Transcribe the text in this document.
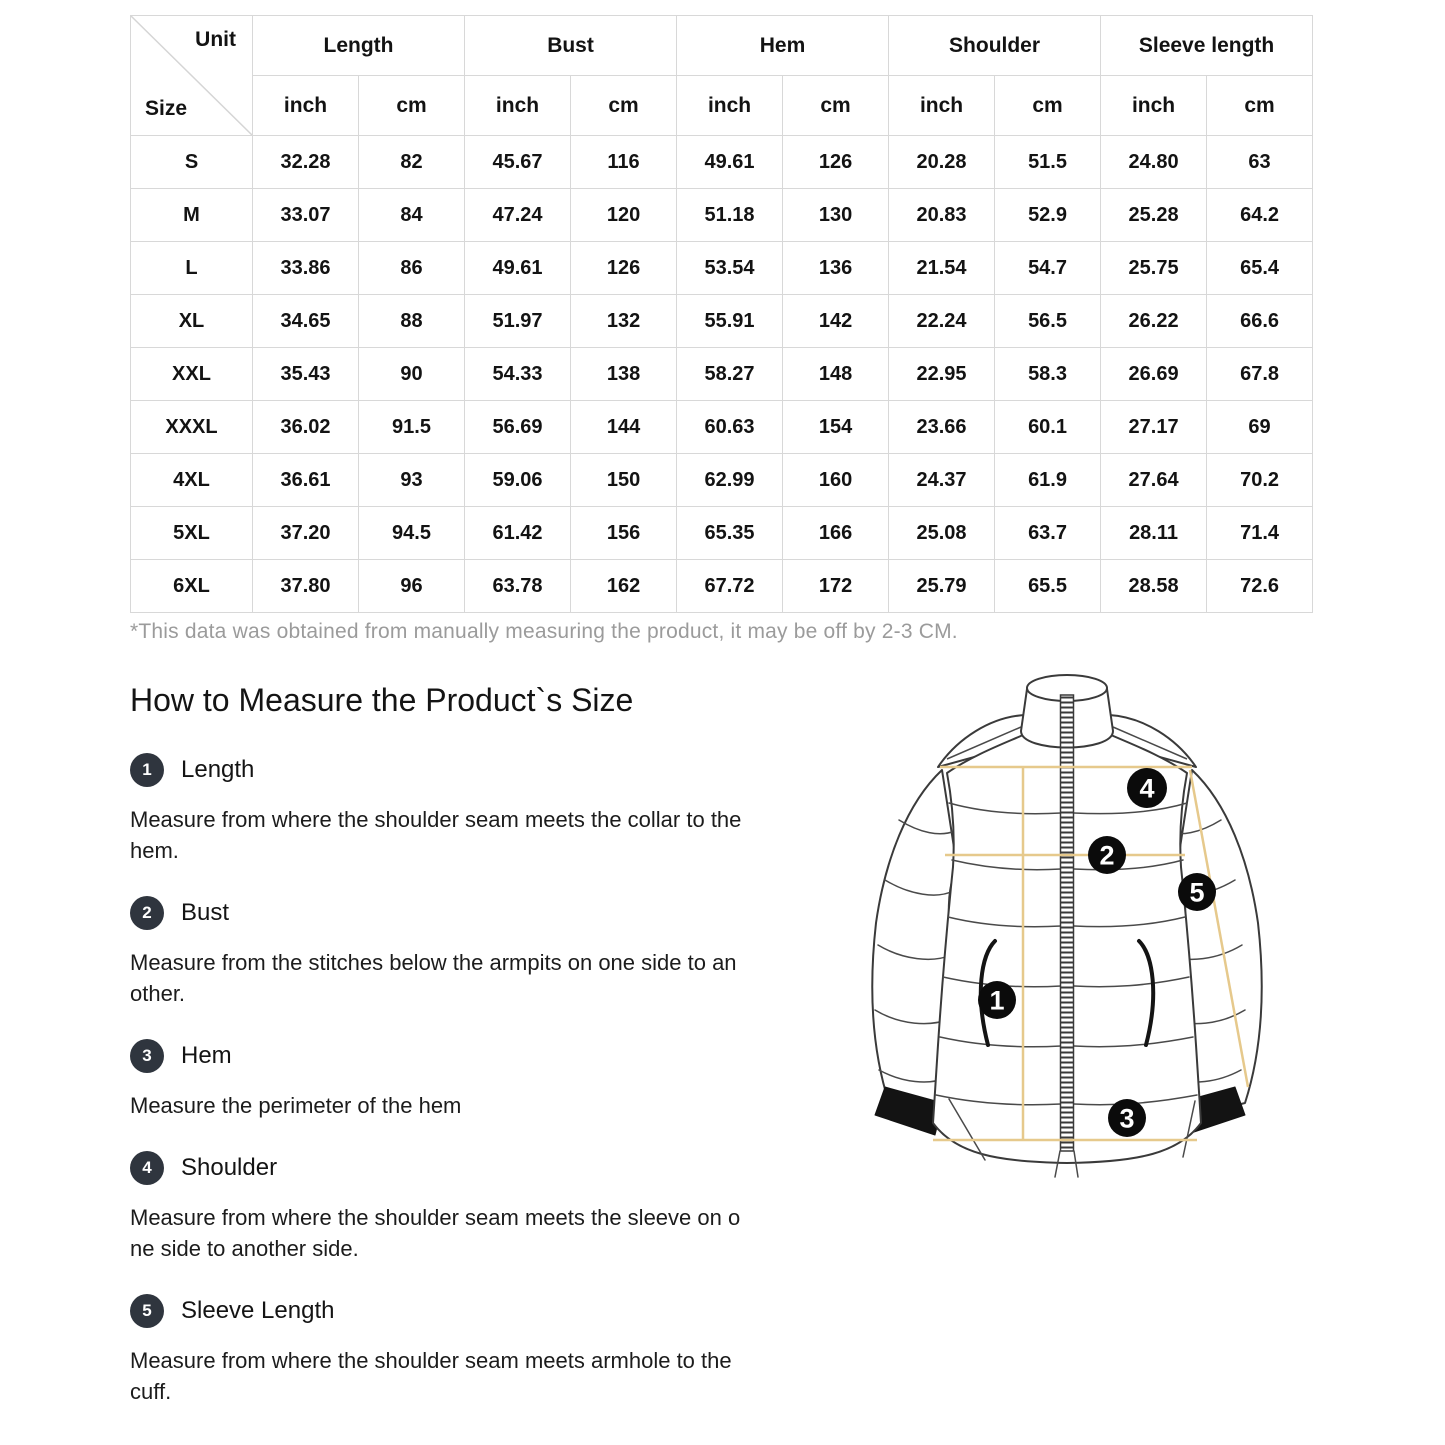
Unit
Size	Length		Bust		Hem		Shoulder		Sleeve length	
	inch	cm	inch	cm	inch	cm	inch	cm	inch	cm
S	32.28	82	45.67	116	49.61	126	20.28	51.5	24.80	63
M	33.07	84	47.24	120	51.18	130	20.83	52.9	25.28	64.2
L	33.86	86	49.61	126	53.54	136	21.54	54.7	25.75	65.4
XL	34.65	88	51.97	132	55.91	142	22.24	56.5	26.22	66.6
XXL	35.43	90	54.33	138	58.27	148	22.95	58.3	26.69	67.8
XXXL	36.02	91.5	56.69	144	60.63	154	23.66	60.1	27.17	69
4XL	36.61	93	59.06	150	62.99	160	24.37	61.9	27.64	70.2
5XL	37.20	94.5	61.42	156	65.35	166	25.08	63.7	28.11	71.4
6XL	37.80	96	63.78	162	67.72	172	25.79	65.5	28.58	72.6
*This data was obtained from manually measuring the product, it may be off by 2-3 CM.
How to Measure the Product`s Size
1	Length

Measure from where the shoulder seam meets the collar to the
hem.

2	Bust

Measure from the stitches below the armpits on one side to an
other.

3	Hem

Measure the perimeter of the hem

4	Shoulder

Measure from where the shoulder seam meets the sleeve on o
ne side to another side.

5	Sleeve Length

Measure from where the shoulder seam meets armhole to the
cuff.

4
2
5
1
3
